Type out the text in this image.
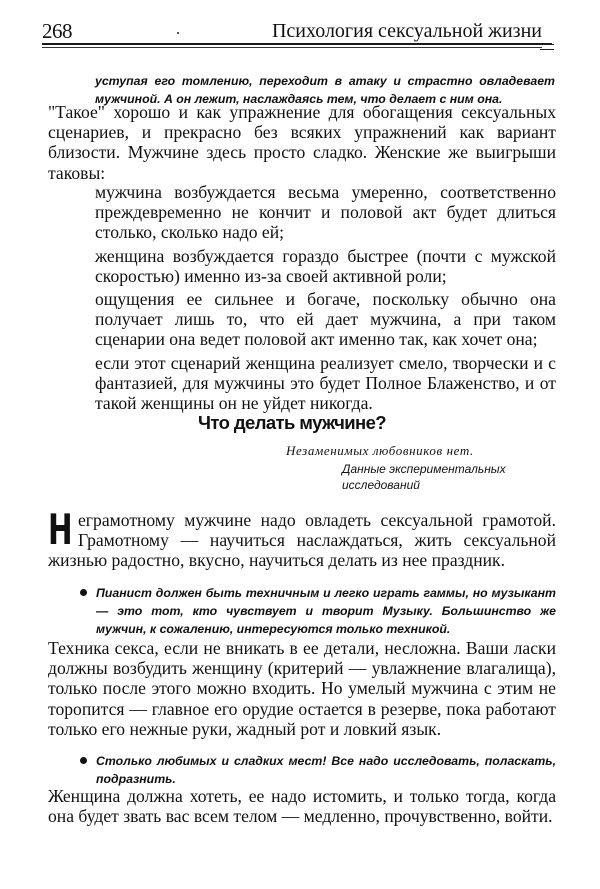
268	Психология сексуальной жизни
уступая его томлению, переходит в атаку и страстно овладевает мужчиной. А он лежит, наслаждаясь тем, что делает с ним она.
"Такое" хорошо и как упражнение для обогащения сексуальных сценариев, и прекрасно без всяких упражнений как вариант близости. Мужчине здесь просто сладко. Женские же выигрыши таковы:
мужчина возбуждается весьма умеренно, соответственно преждевременно не кончит и половой акт будет длиться столько, сколько надо ей;
женщина возбуждается гораздо быстрее (почти с мужской скоростью) именно из-за своей активной роли;
ощущения ее сильнее и богаче, поскольку обычно она получает лишь то, что ей дает мужчина, а при таком сценарии она ведет половой акт именно так, как хочет она;
если этот сценарий женщина реализует смело, творчески и с фантазией, для мужчины это будет Полное Блаженство, и от такой женщины он не уйдет никогда.
Что делать мужчине?
Незаменимых любовников нет.
Данные экспериментальных исследований
Н еграмотному мужчине надо овладеть сексуальной грамотой. Грамотному — научиться наслаждаться, жить сексуальной жизнью радостно, вкусно, научиться делать из нее праздник.
Пианист должен быть техничным и легко играть гаммы, но музыкант — это тот, кто чувствует и творит Музыку. Большинство же мужчин, к сожалению, интересуются только техникой.
Техника секса, если не вникать в ее детали, несложна. Ваши ласки должны возбудить женщину (критерий — увлажнение влагалища), только после этого можно входить. Но умелый мужчина с этим не торопится — главное его орудие остается в резерве, пока работают только его нежные руки, жадный рот и ловкий язык.
Столько любимых и сладких мест! Все надо исследовать, поласкать, подразнить.
Женщина должна хотеть, ее надо истомить, и только тогда, когда она будет звать вас всем телом — медленно, прочувственно, войти.
